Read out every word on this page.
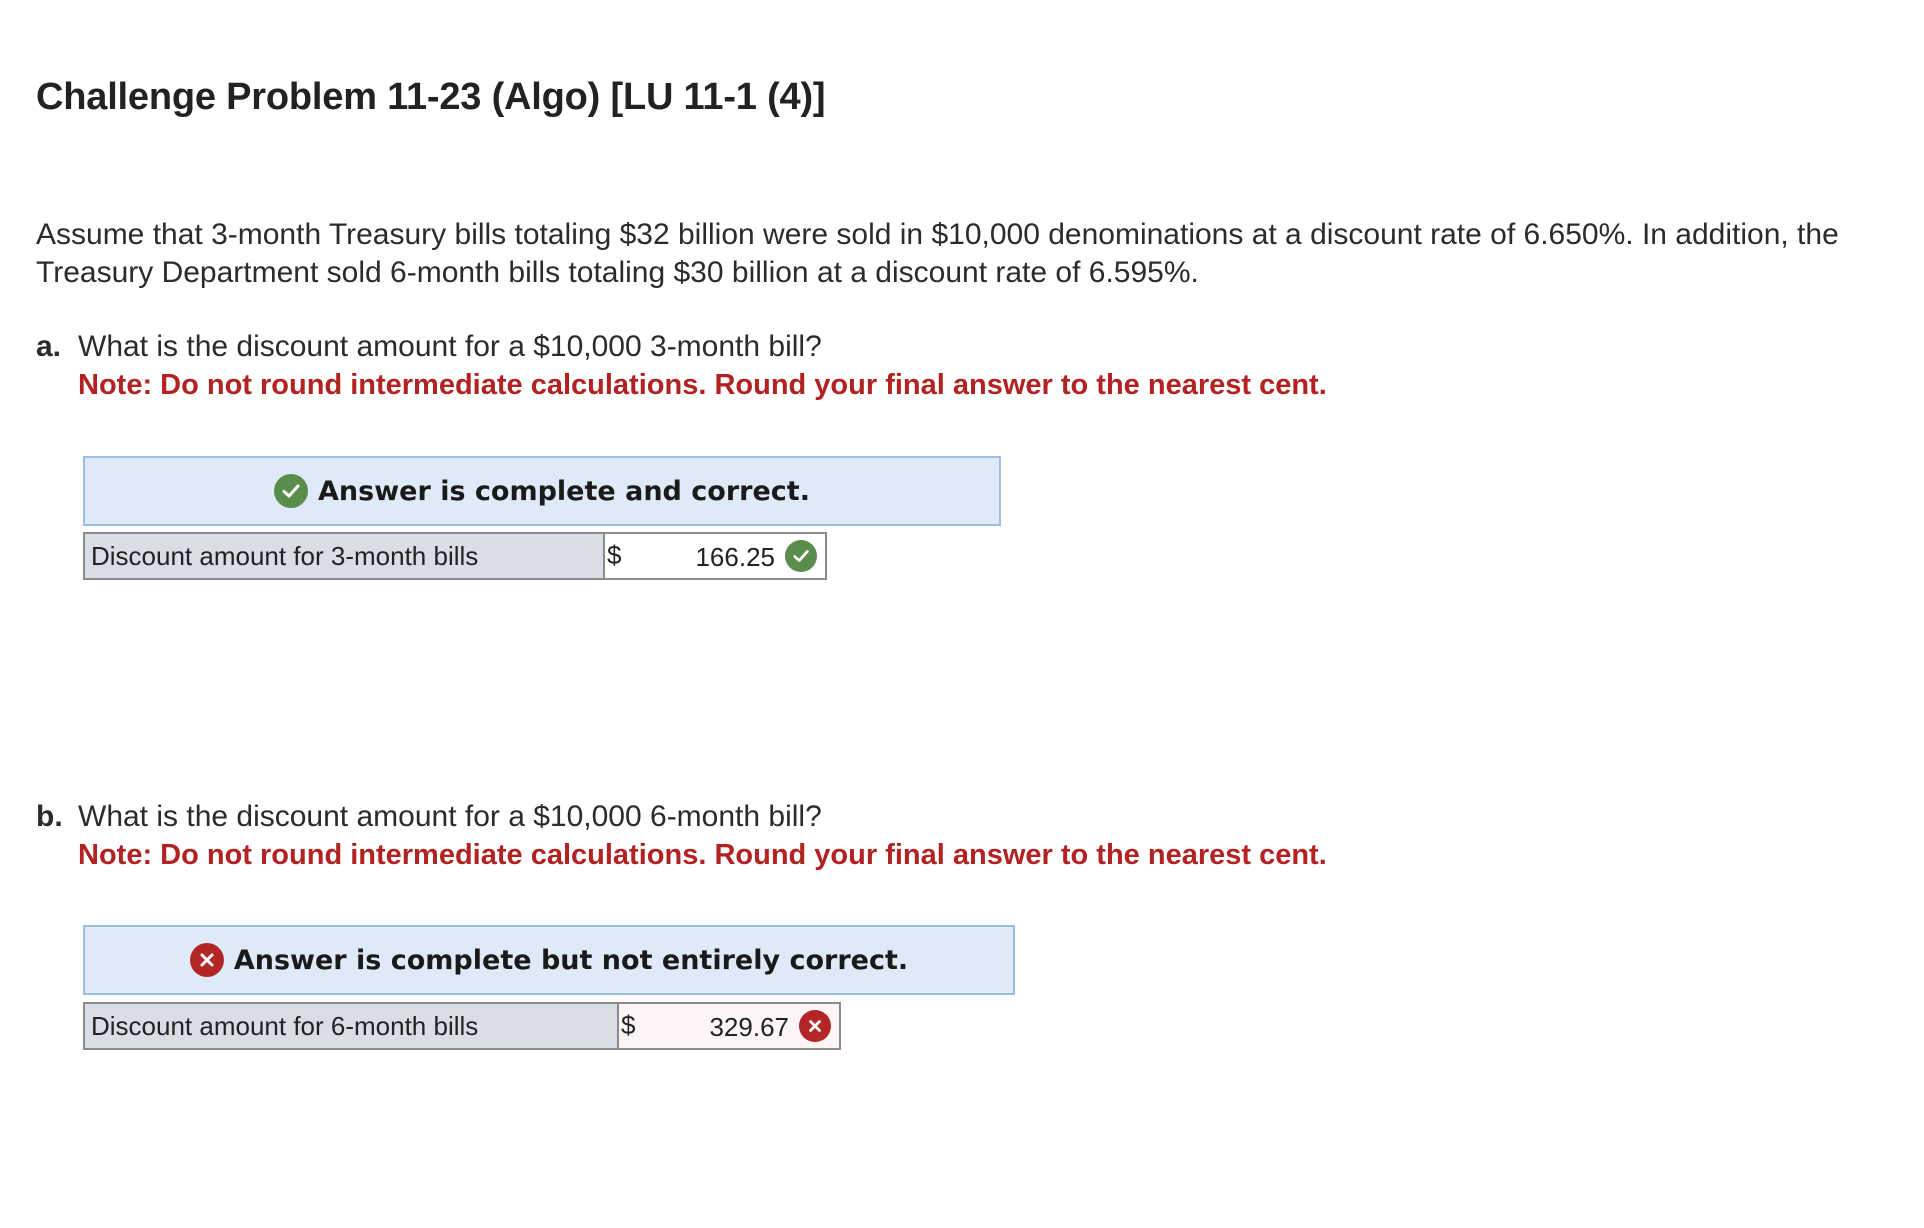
Challenge Problem 11-23 (Algo) [LU 11-1 (4)]
Assume that 3-month Treasury bills totaling $32 billion were sold in $10,000 denominations at a discount rate of 6.650%. In addition, the Treasury Department sold 6-month bills totaling $30 billion at a discount rate of 6.595%.
a. What is the discount amount for a $10,000 3-month bill?
Note: Do not round intermediate calculations. Round your final answer to the nearest cent.
Answer is complete and correct.
Discount amount for 3-month bills	$	166.25
b. What is the discount amount for a $10,000 6-month bill?
Note: Do not round intermediate calculations. Round your final answer to the nearest cent.
Answer is complete but not entirely correct.
Discount amount for 6-month bills	$	329.67
